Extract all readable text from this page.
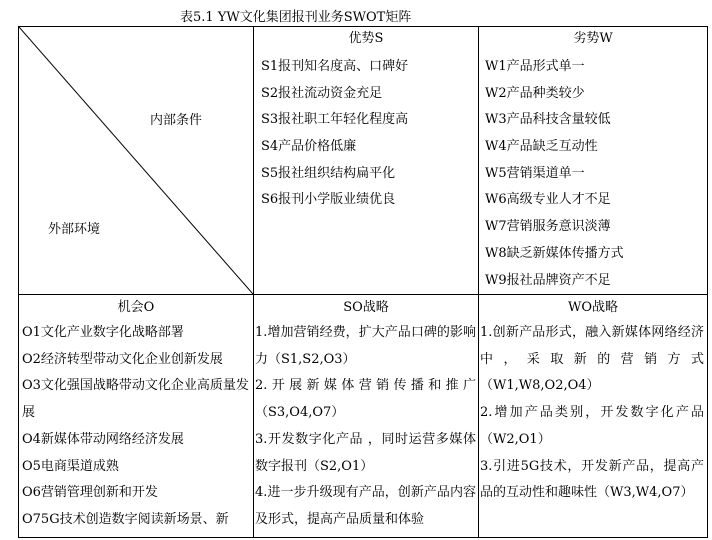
表5.1 YW文化集团报刊业务SWOT矩阵
内部条件
外部环境
优势S
S1报刊知名度高、口碑好
S2报社流动资金充足
S3报社职工年轻化程度高
S4产品价格低廉
S5报社组织结构扁平化
S6报刊小学版业绩优良
劣势W
W1产品形式单一
W2产品种类较少
W3产品科技含量较低
W4产品缺乏互动性
W5营销渠道单一
W6高级专业人才不足
W7营销服务意识淡薄
W8缺乏新媒体传播方式
W9报社品牌资产不足
机会O

O1文化产业数字化战略部署

O2经济转型带动文化企业创新发展

O3文化强国战略带动文化企业高质量发展

O4新媒体带动网络经济发展

O5电商渠道成熟

O6营销管理创新和开发

O75G技术创造数字阅读新场景、新

SO战略

1.增加营销经费，扩大产品口碑的影响力（S1,S2,O3）

2.开展新媒体营销传播和推广（S3,O4,O7）

3.开发数字化产品 ，同时运营多媒体数字报刊（S2,O1）

4.进一步升级现有产品，创新产品内容及形式，提高产品质量和体验

WO战略

1.创新产品形式，融入新媒体网络经济中，采取新的营销方式（W1,W8,O2,O4）

2.增加产品类别，开发数字化产品（W2,O1）

3.引进5G技术，开发新产品，提高产品的互动性和趣味性（W3,W4,O7）
